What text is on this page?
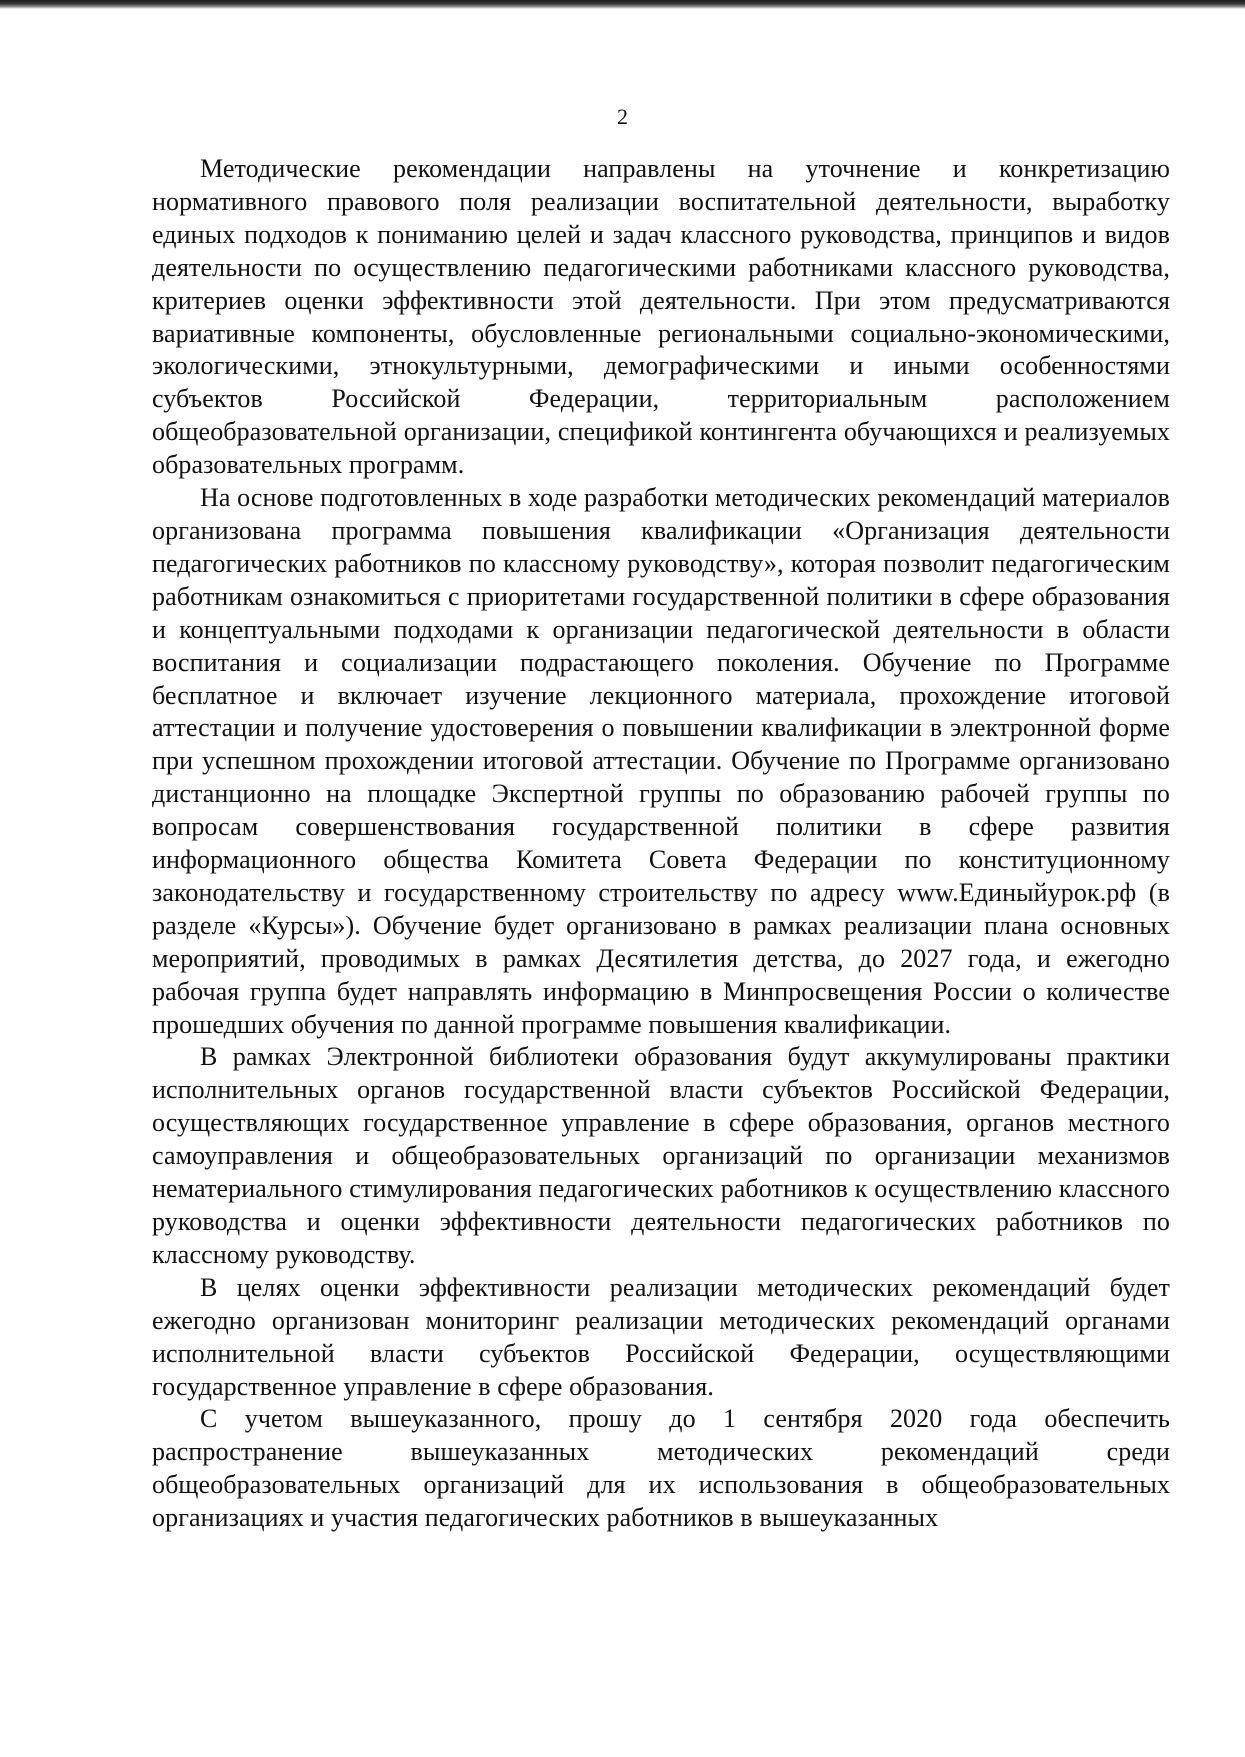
2

Методические рекомендации направлены на уточнение и конкретизацию нормативного правового поля реализации воспитательной деятельности, выработку единых подходов к пониманию целей и задач классного руководства, принципов и видов деятельности по осуществлению педагогическими работниками классного руководства, критериев оценки эффективности этой деятельности. При этом предусматриваются вариативные компоненты, обусловленные региональными социально-экономическими, экологическими, этнокультурными, демографическими и иными особенностями субъектов Российской Федерации, территориальным расположением общеобразовательной организации, спецификой контингента обучающихся и реализуемых образовательных программ.

На основе подготовленных в ходе разработки методических рекомендаций материалов организована программа повышения квалификации «Организация деятельности педагогических работников по классному руководству», которая позволит педагогическим работникам ознакомиться с приоритетами государственной политики в сфере образования и концептуальными подходами к организации педагогической деятельности в области воспитания и социализации подрастающего поколения. Обучение по Программе бесплатное и включает изучение лекционного материала, прохождение итоговой аттестации и получение удостоверения о повышении квалификации в электронной форме при успешном прохождении итоговой аттестации. Обучение по Программе организовано дистанционно на площадке Экспертной группы по образованию рабочей группы по вопросам совершенствования государственной политики в сфере развития информационного общества Комитета Совета Федерации по конституционному законодательству и государственному строительству по адресу www.Единыйурок.рф (в разделе «Курсы»). Обучение будет организовано в рамках реализации плана основных мероприятий, проводимых в рамках Десятилетия детства, до 2027 года, и ежегодно рабочая группа будет направлять информацию в Минпросвещения России о количестве прошедших обучения по данной программе повышения квалификации.

В рамках Электронной библиотеки образования будут аккумулированы практики исполнительных органов государственной власти субъектов Российской Федерации, осуществляющих государственное управление в сфере образования, органов местного самоуправления и общеобразовательных организаций по организации механизмов нематериального стимулирования педагогических работников к осуществлению классного руководства и оценки эффективности деятельности педагогических работников по классному руководству.

В целях оценки эффективности реализации методических рекомендаций будет ежегодно организован мониторинг реализации методических рекомендаций органами исполнительной власти субъектов Российской Федерации, осуществляющими государственное управление в сфере образования.

С учетом вышеуказанного, прошу до 1 сентября 2020 года обеспечить распространение вышеуказанных методических рекомендаций среди общеобразовательных организаций для их использования в общеобразовательных организациях и участия педагогических работников в вышеуказанных
